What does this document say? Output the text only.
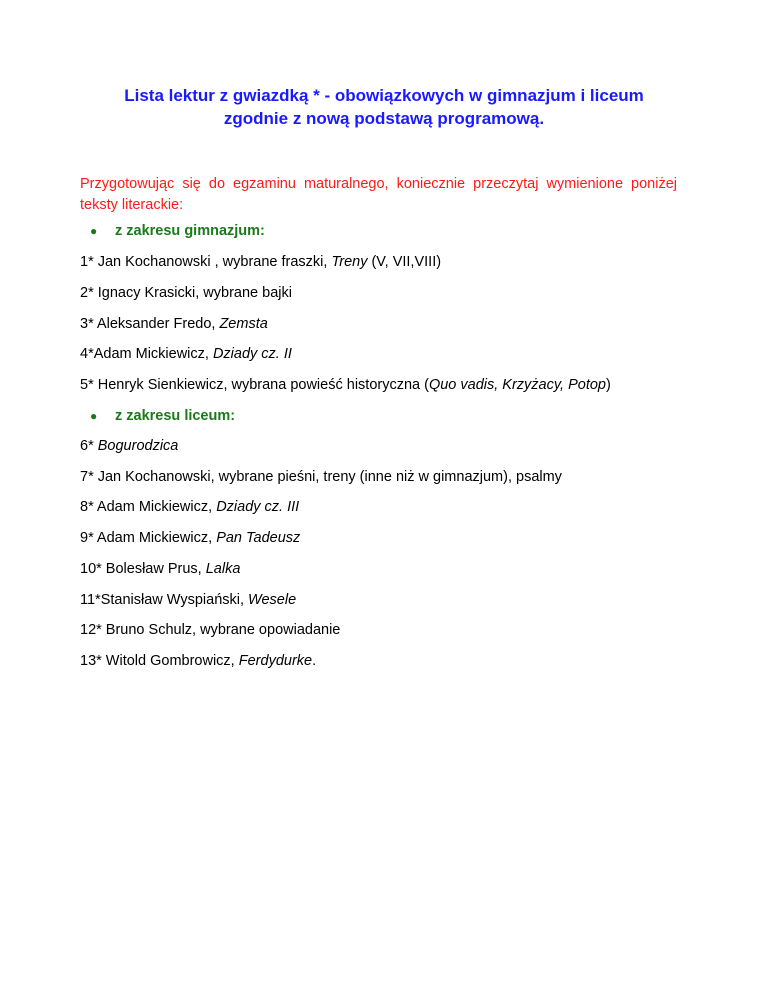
Lista lektur z gwiazdką * - obowiązkowych w gimnazjum i liceum
zgodnie z nową podstawą programową.
Przygotowując się do egzaminu maturalnego, koniecznie przeczytaj wymienione poniżej teksty literackie:
● z zakresu gimnazjum:
1* Jan Kochanowski , wybrane fraszki, Treny (V, VII,VIII)
2* Ignacy Krasicki, wybrane bajki
3* Aleksander Fredo, Zemsta
4*Adam Mickiewicz, Dziady cz. II
5* Henryk Sienkiewicz, wybrana powieść historyczna (Quo vadis, Krzyżacy, Potop)
● z zakresu liceum:
6* Bogurodzica
7* Jan Kochanowski, wybrane pieśni, treny (inne niż w gimnazjum), psalmy
8* Adam Mickiewicz, Dziady cz. III
9* Adam Mickiewicz, Pan Tadeusz
10* Bolesław Prus, Lalka
11*Stanisław Wyspiański, Wesele
12* Bruno Schulz, wybrane opowiadanie
13* Witold Gombrowicz, Ferdydurke.
